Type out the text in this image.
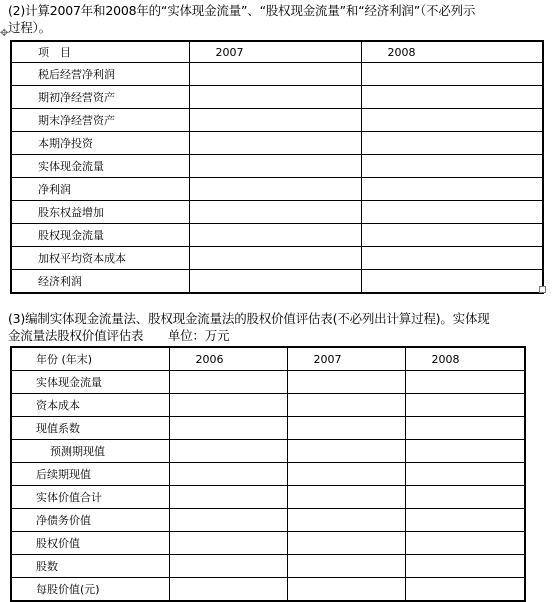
(2)计算2007年和2008年的“实体现金流量”、“股权现金流量”和“经济利润”（不必列示
过程）。
✥
项　目	2007	2008
税后经营净利润		
期初净经营资产		
期末净经营资产		
本期净投资		
实体现金流量		
净利润		
股东权益增加		
股权现金流量		
加权平均资本成本		
经济利润		
(3)编制实体现金流量法、股权现金流量法的股权价值评估表(不必列出计算过程)。实体现
金流量法股权价值评估表　　单位：万元
年份 (年末)	2006	2007	2008
实体现金流量			
资本成本			
现值系数			
预测期现值			
后续期现值			
实体价值合计			
净债务价值			
股权价值			
股数			
每股价值(元)			
